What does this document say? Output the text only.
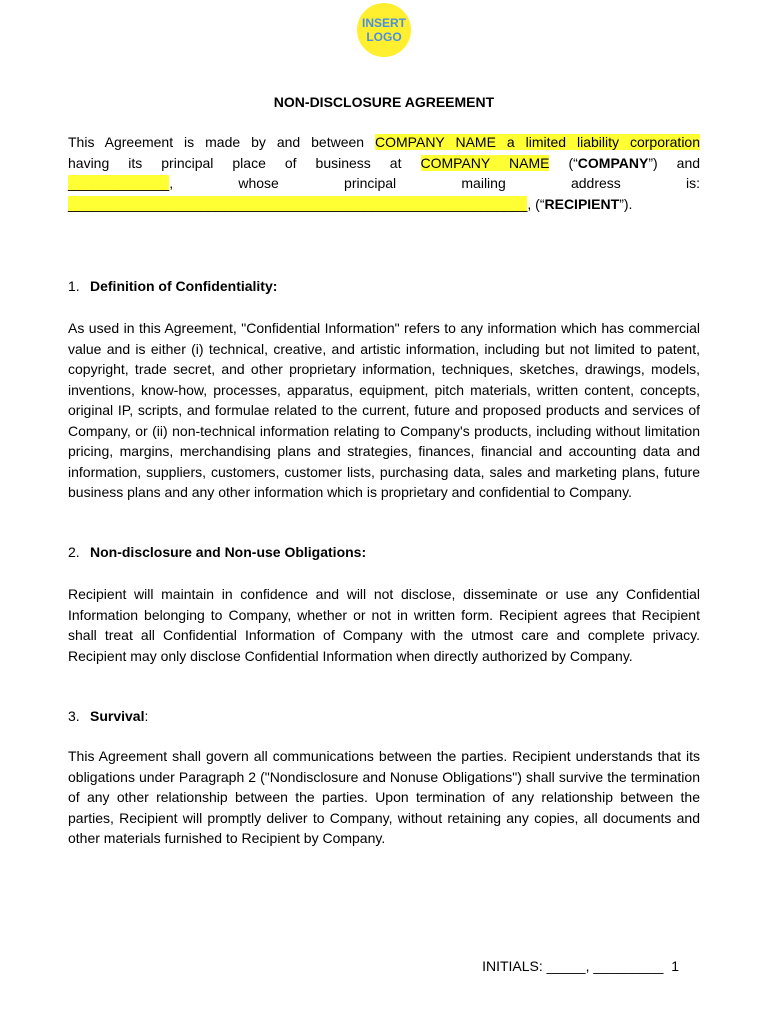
INSERT
LOGO
NON-DISCLOSURE AGREEMENT
This Agreement is made by and between COMPANY NAME a limited liability corporation
having its principal place of business at COMPANY NAME (“COMPANY”) and
_____________, whose principal mailing address is:
___________________________________________________________, (“RECIPIENT”).
1. Definition of Confidentiality:
As used in this Agreement, "Confidential Information" refers to any information which has commercial value and is either (i) technical, creative, and artistic information, including but not limited to patent, copyright, trade secret, and other proprietary information, techniques, sketches, drawings, models, inventions, know-how, processes, apparatus, equipment, pitch materials, written content, concepts, original IP, scripts, and formulae related to the current, future and proposed products and services of Company, or (ii) non-technical information relating to Company's products, including without limitation pricing, margins, merchandising plans and strategies, finances, financial and accounting data and information, suppliers, customers, customer lists, purchasing data, sales and marketing plans, future business plans and any other information which is proprietary and confidential to Company.
2. Non-disclosure and Non-use Obligations:
Recipient will maintain in confidence and will not disclose, disseminate or use any Confidential Information belonging to Company, whether or not in written form. Recipient agrees that Recipient shall treat all Confidential Information of Company with the utmost care and complete privacy. Recipient may only disclose Confidential Information when directly authorized by Company.
3. Survival:
This Agreement shall govern all communications between the parties. Recipient understands that its obligations under Paragraph 2 ("Nondisclosure and Nonuse Obligations") shall survive the termination of any other relationship between the parties. Upon termination of any relationship between the parties, Recipient will promptly deliver to Company, without retaining any copies, all documents and other materials furnished to Recipient by Company.
INITIALS: _____, _________ 1
